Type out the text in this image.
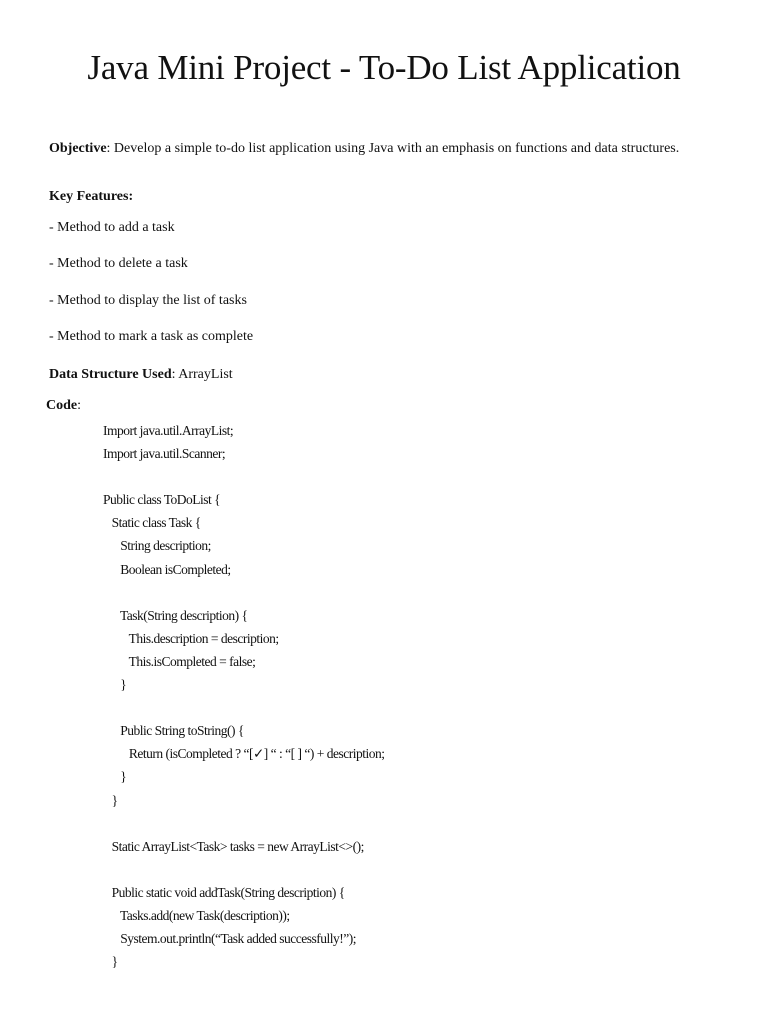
Java Mini Project - To-Do List Application
Objective: Develop a simple to-do list application using Java with an emphasis on functions and data structures.
Key Features:
- Method to add a task
- Method to delete a task
- Method to display the list of tasks
- Method to mark a task as complete
Data Structure Used: ArrayList
Code:
Import java.util.ArrayList;
Import java.util.Scanner;
Public class ToDoList {
Static class Task {
String description;
Boolean isCompleted;
Task(String description) {
This.description = description;
This.isCompleted = false;
}
Public String toString() {
Return (isCompleted ? “[✓] “ : “[ ] “) + description;
}
}
Static ArrayList<Task> tasks = new ArrayList<>();
Public static void addTask(String description) {
Tasks.add(new Task(description));
System.out.println(“Task added successfully!”);
}
